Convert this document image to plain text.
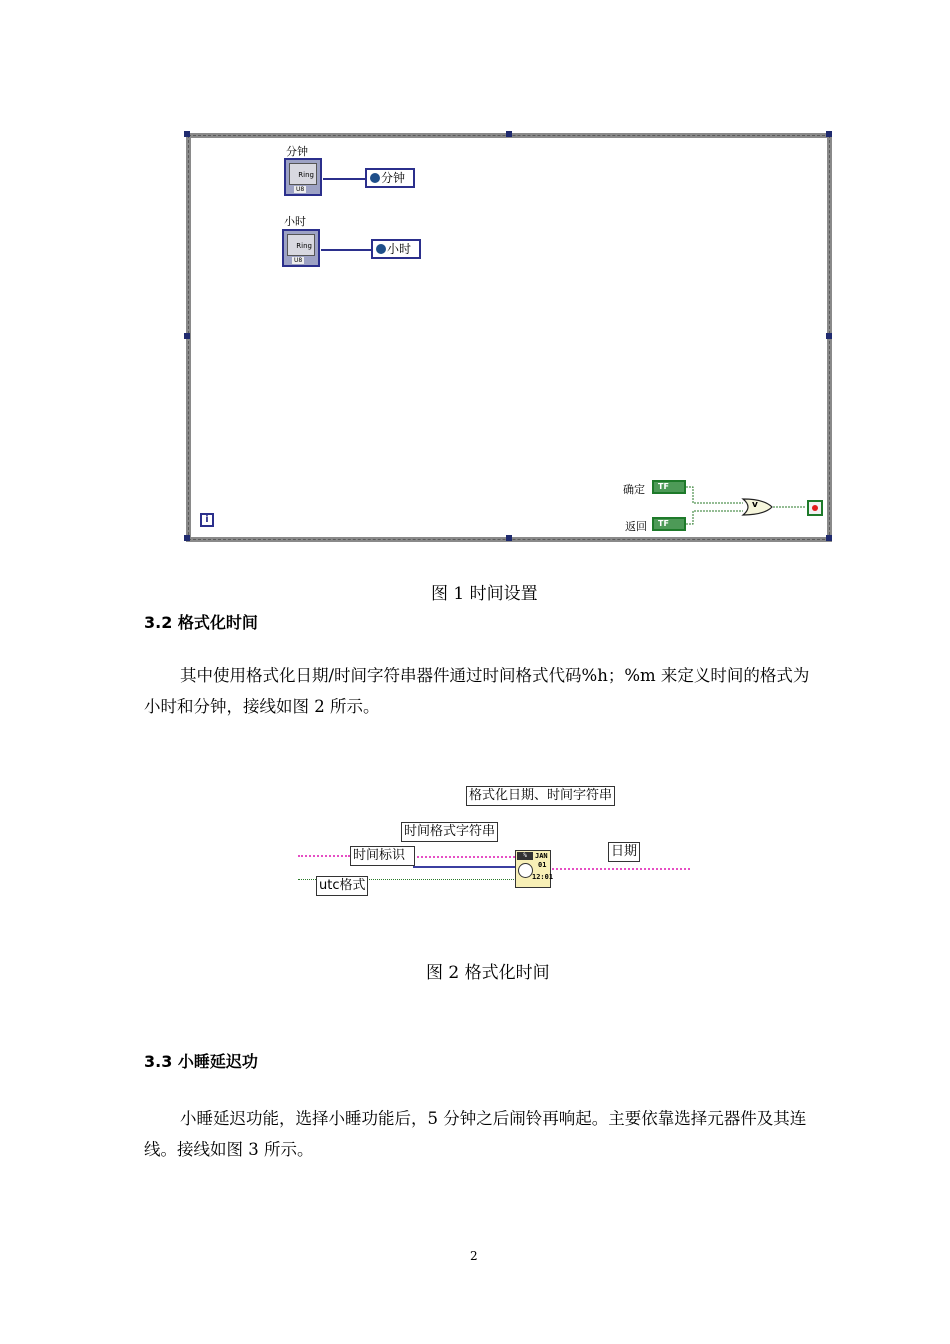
分钟
Ring
U8
分钟
小时
Ring
U8
小时
确定	TF
返回	TF
v
i
图 1 时间设置
3.2 格式化时间
其中使用格式化日期/时间字符串器件通过时间格式代码%h；%m 来定义时间的格式为小时和分钟，接线如图 2 所示。
格式化日期、时间字符串
时间格式字符串
时间标识
utc格式
%	JAN
01
12:01
日期
图 2 格式化时间
3.3 小睡延迟功
小睡延迟功能，选择小睡功能后，5 分钟之后闹铃再响起。主要依靠选择元器件及其连线。接线如图 3 所示。
2
